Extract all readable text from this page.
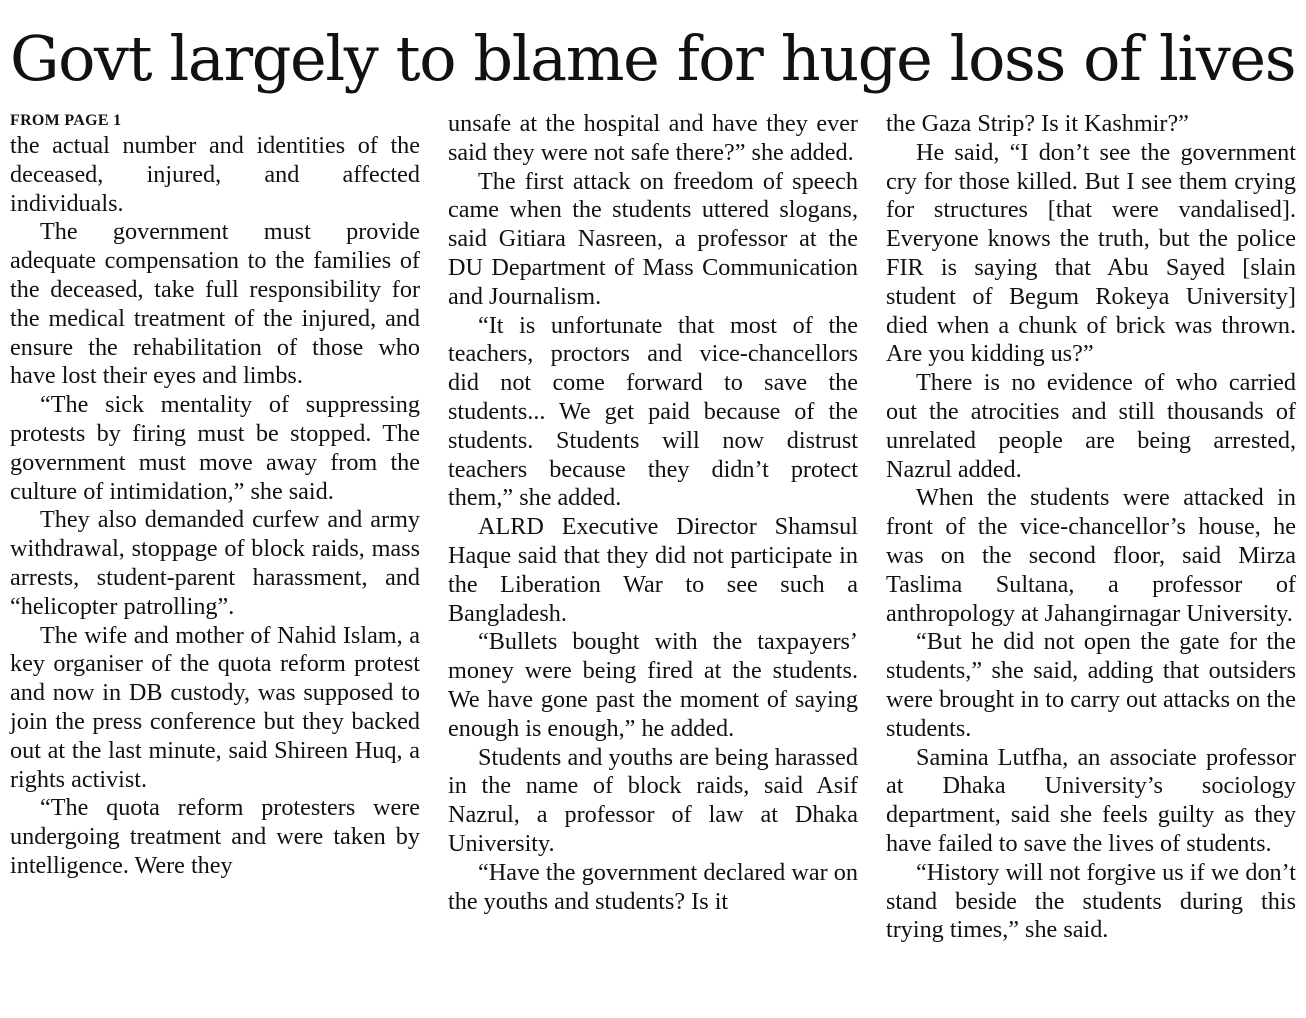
Govt largely to blame for huge loss of lives
FROM PAGE 1

the actual number and identities of the deceased, injured, and affected individuals.

The government must provide adequate compensation to the families of the deceased, take full responsibility for the medical treatment of the injured, and ensure the rehabilitation of those who have lost their eyes and limbs.

“The sick mentality of suppressing protests by firing must be stopped. The government must move away from the culture of intimidation,” she said.

They also demanded curfew and army withdrawal, stoppage of block raids, mass arrests, student-parent harassment, and “helicopter patrolling”.

The wife and mother of Nahid Islam, a key organiser of the quota reform protest and now in DB custody, was supposed to join the press conference but they backed out at the last minute, said Shireen Huq, a rights activist.

“The quota reform protesters were undergoing treatment and were taken by intelligence. Were they

unsafe at the hospital and have they ever said they were not safe there?” she added.

The first attack on freedom of speech came when the students uttered slogans, said Gitiara Nasreen, a professor at the DU Department of Mass Communication and Journalism.

“It is unfortunate that most of the teachers, proctors and vice-chancellors did not come forward to save the students... We get paid because of the students. Students will now distrust teachers because they didn’t protect them,” she added.

ALRD Executive Director Shamsul Haque said that they did not participate in the Liberation War to see such a Bangladesh.

“Bullets bought with the taxpayers’ money were being fired at the students. We have gone past the moment of saying enough is enough,” he added.

Students and youths are being harassed in the name of block raids, said Asif Nazrul, a professor of law at Dhaka University.

“Have the government declared war on the youths and students? Is it

the Gaza Strip? Is it Kashmir?”

He said, “I don’t see the government cry for those killed. But I see them crying for structures [that were vandalised]. Everyone knows the truth, but the police FIR is saying that Abu Sayed [slain student of Begum Rokeya University] died when a chunk of brick was thrown. Are you kidding us?”

There is no evidence of who carried out the atrocities and still thousands of unrelated people are being arrested, Nazrul added.

When the students were attacked in front of the vice-chancellor’s house, he was on the second floor, said Mirza Taslima Sultana, a professor of anthropology at Jahangirnagar University.

“But he did not open the gate for the students,” she said, adding that outsiders were brought in to carry out attacks on the students.

Samina Lutfha, an associate professor at Dhaka University’s sociology department, said she feels guilty as they have failed to save the lives of students.

“History will not forgive us if we don’t stand beside the students during this trying times,” she said.
